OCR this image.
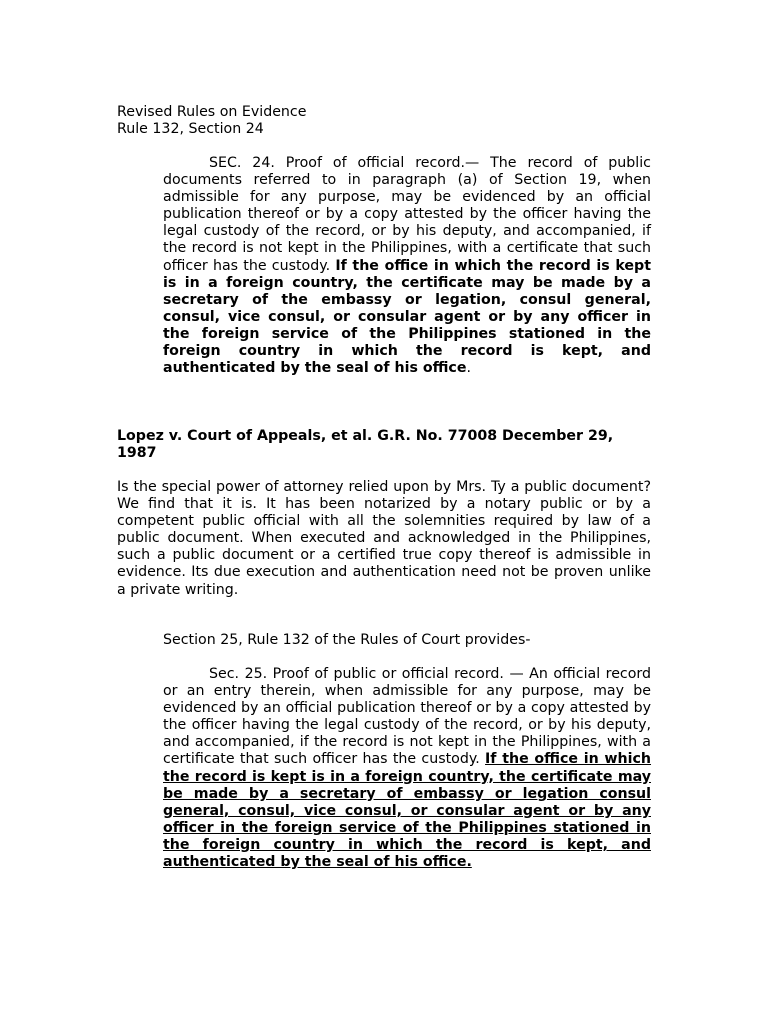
Revised Rules on Evidence
Rule 132, Section 24

SEC. 24. Proof of official record.— The record of public documents referred to in paragraph (a) of Section 19, when admissible for any purpose, may be evidenced by an official publication thereof or by a copy attested by the officer having the legal custody of the record, or by his deputy, and accompanied, if the record is not kept in the Philippines, with a certificate that such officer has the custody. If the office in which the record is kept is in a foreign country, the certificate may be made by a secretary of the embassy or legation, consul general, consul, vice consul, or consular agent or by any officer in the foreign service of the Philippines stationed in the foreign country in which the record is kept, and authenticated by the seal of his office.

Lopez v. Court of Appeals, et al. G.R. No. 77008 December 29, 1987

Is the special power of attorney relied upon by Mrs. Ty a public document? We find that it is. It has been notarized by a notary public or by a competent public official with all the solemnities required by law of a public document. When executed and acknowledged in the Philippines, such a public document or a certified true copy thereof is admissible in evidence. Its due execution and authentication need not be proven unlike a private writing.

Section 25, Rule 132 of the Rules of Court provides-

Sec. 25. Proof of public or official record. — An official record or an entry therein, when admissible for any purpose, may be evidenced by an official publication thereof or by a copy attested by the officer having the legal custody of the record, or by his deputy, and accompanied, if the record is not kept in the Philippines, with a certificate that such officer has the custody. If the office in which the record is kept is in a foreign country, the certificate may be made by a secretary of embassy or legation consul general, consul, vice consul, or consular agent or by any officer in the foreign service of the Philippines stationed in the foreign country in which the record is kept, and authenticated by the seal of his office.
